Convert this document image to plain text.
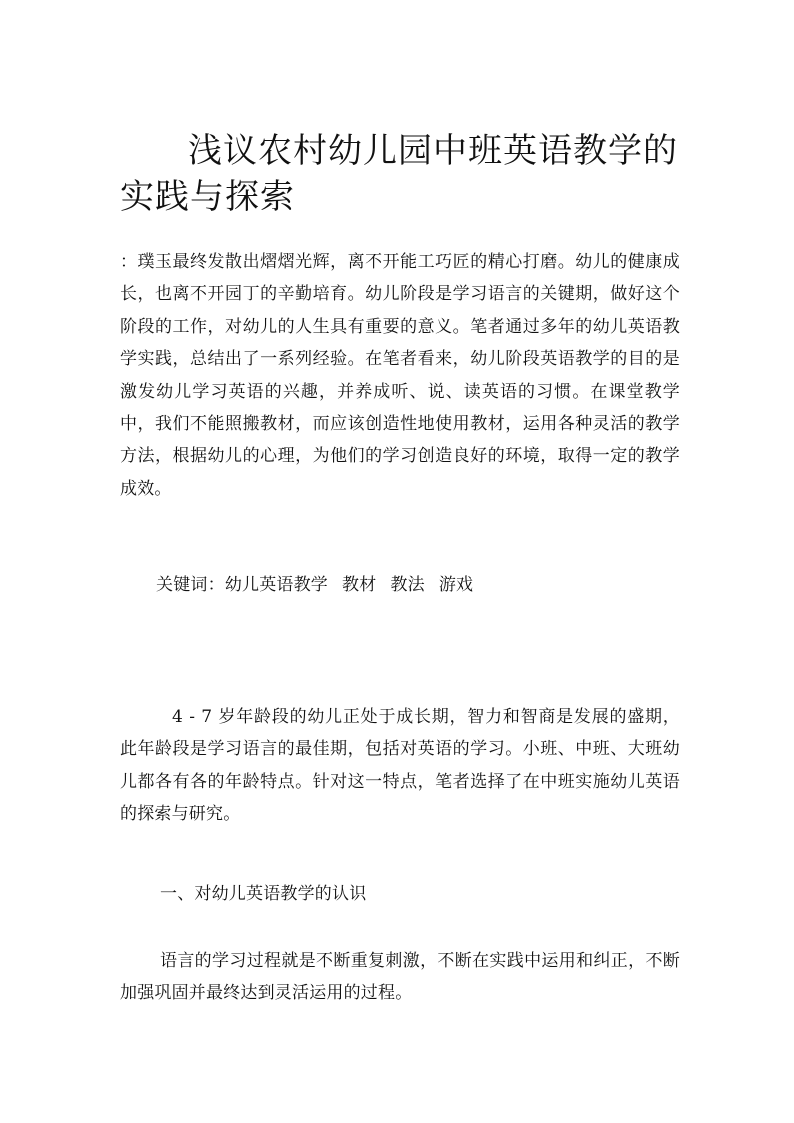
浅议农村幼儿园中班英语教学的实践与探索

：璞玉最终发散出熠熠光辉，离不开能工巧匠的精心打磨。幼儿的健康成长，也离不开园丁的辛勤培育。幼儿阶段是学习语言的关键期，做好这个阶段的工作，对幼儿的人生具有重要的意义。笔者通过多年的幼儿英语教学实践，总结出了一系列经验。在笔者看来，幼儿阶段英语教学的目的是激发幼儿学习英语的兴趣，并养成听、说、读英语的习惯。在课堂教学中，我们不能照搬教材，而应该创造性地使用教材，运用各种灵活的教学方法，根据幼儿的心理，为他们的学习创造良好的环境，取得一定的教学成效。

关键词：幼儿英语教学 教材 教法 游戏

4 - 7 岁年龄段的幼儿正处于成长期，智力和智商是发展的盛期，此年龄段是学习语言的最佳期，包括对英语的学习。小班、中班、大班幼儿都各有各的年龄特点。针对这一特点，笔者选择了在中班实施幼儿英语的探索与研究。

一、对幼儿英语教学的认识

语言的学习过程就是不断重复刺激，不断在实践中运用和纠正，不断加强巩固并最终达到灵活运用的过程。
